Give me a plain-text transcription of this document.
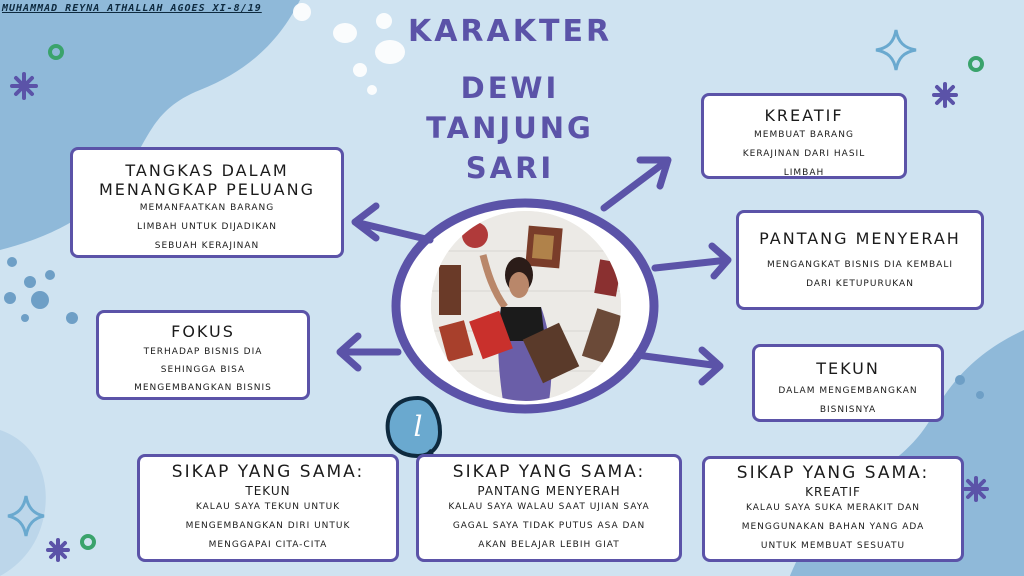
MUHAMMAD REYNA ATHALLAH AGOES XI-8/19
KARAKTER
DEWI
TANJUNG
SARI
l
KREATIF
MEMBUAT BARANG
KERAJINAN DARI HASIL
LIMBAH
TANGKAS DALAM
MENANGKAP PELUANG
MEMANFAATKAN BARANG
LIMBAH UNTUK DIJADIKAN
SEBUAH KERAJINAN	PANTANG MENYERAH
MENGANGKAT BISNIS DIA KEMBALI
DARI KETUPURUKAN
FOKUS
TERHADAP BISNIS DIA
SEHINGGA BISA
MENGEMBANGKAN BISNIS
TEKUN
DALAM MENGEMBANGKAN
BISNISNYA
SIKAP YANG SAMA:
TEKUN
KALAU SAYA TEKUN UNTUK
MENGEMBANGKAN DIRI UNTUK
MENGGAPAI CITA-CITA
SIKAP YANG SAMA:
PANTANG MENYERAH
KALAU SAYA WALAU SAAT UJIAN SAYA
GAGAL SAYA TIDAK PUTUS ASA DAN
AKAN BELAJAR LEBIH GIAT
SIKAP YANG SAMA:
KREATIF
KALAU SAYA SUKA MERAKIT DAN
MENGGUNAKAN BAHAN YANG ADA
UNTUK MEMBUAT SESUATU
